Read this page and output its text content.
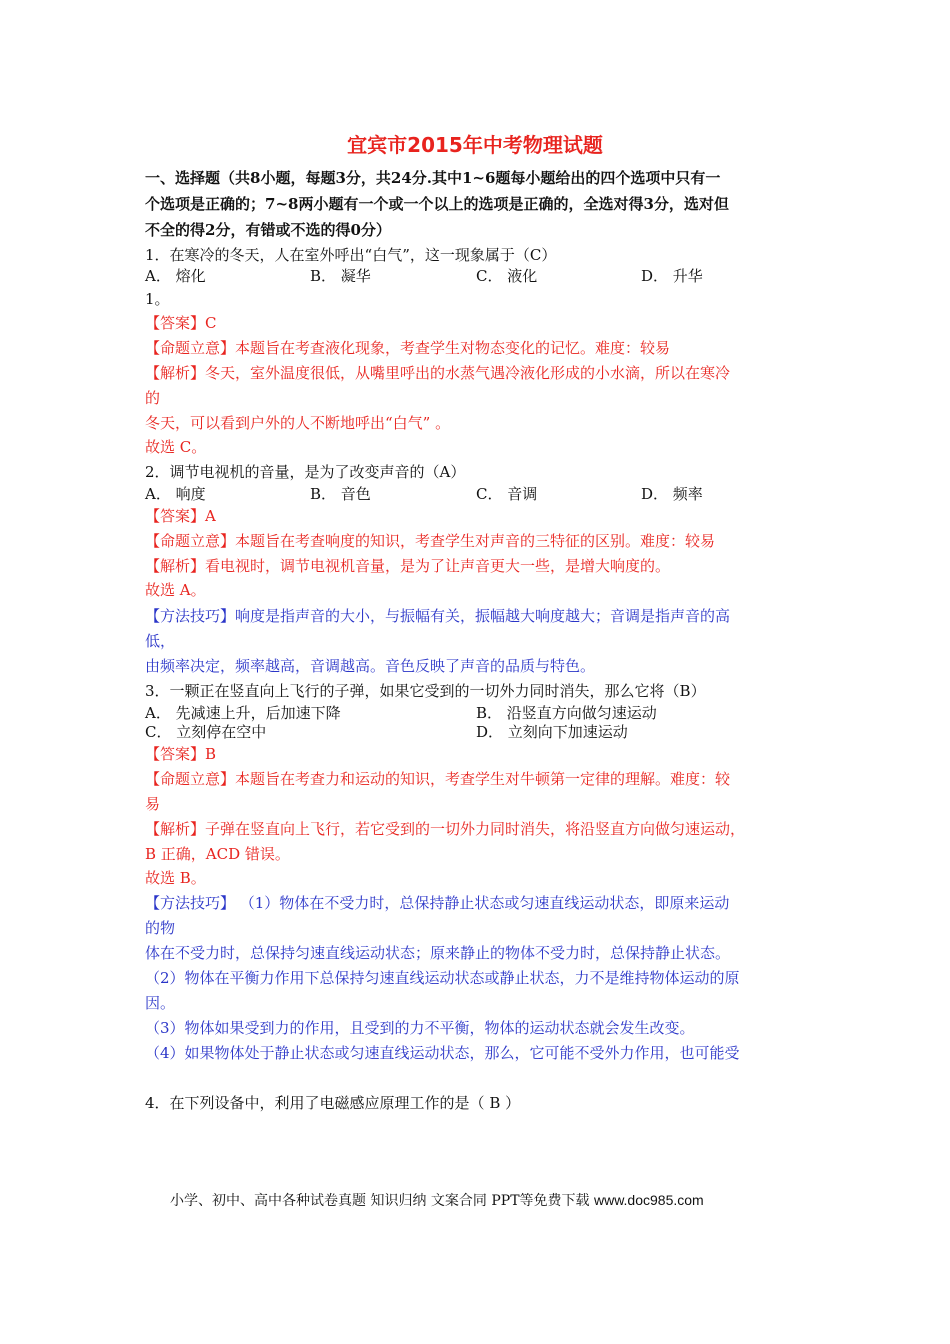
宜宾市2015年中考物理试题
一、选择题（共8小题，每题3分，共24分.其中1~6题每小题给出的四个选项中只有一
个选项是正确的；7~8两小题有一个或一个以上的选项是正确的，全选对得3分，选对但
不全的得2分，有错或不选的得0分）
1．在寒冷的冬天，人在室外呼出“白气”，这一现象属于（C）
A． 熔化	B． 凝华	C． 液化	D． 升华
1。
【答案】C
【命题立意】本题旨在考查液化现象，考查学生对物态变化的记忆。难度：较易
【解析】冬天，室外温度很低，从嘴里呼出的水蒸气遇冷液化形成的小水滴，所以在寒冷
的
冬天，可以看到户外的人不断地呼出“白气” 。
故选 C。
2．调节电视机的音量，是为了改变声音的（A）
A． 响度	B． 音色	C． 音调	D． 频率
【答案】A
【命题立意】本题旨在考查响度的知识，考查学生对声音的三特征的区别。难度：较易
【解析】看电视时，调节电视机音量，是为了让声音更大一些，是增大响度的。
故选 A。
【方法技巧】响度是指声音的大小，与振幅有关，振幅越大响度越大；音调是指声音的高
低，
由频率决定，频率越高，音调越高。音色反映了声音的品质与特色。
3．一颗正在竖直向上飞行的子弹，如果它受到的一切外力同时消失，那么它将（B）
A． 先减速上升，后加速下降	B． 沿竖直方向做匀速运动
C． 立刻停在空中	D． 立刻向下加速运动
【答案】B
【命题立意】本题旨在考查力和运动的知识，考查学生对牛顿第一定律的理解。难度：较
易
【解析】子弹在竖直向上飞行，若它受到的一切外力同时消失，将沿竖直方向做匀速运动，
B 正确，ACD 错误。
故选 B。
【方法技巧】 （1）物体在不受力时，总保持静止状态或匀速直线运动状态，即原来运动
的物
体在不受力时，总保持匀速直线运动状态；原来静止的物体不受力时，总保持静止状态。
（2）物体在平衡力作用下总保持匀速直线运动状态或静止状态，力不是维持物体运动的原
因。
（3）物体如果受到力的作用，且受到的力不平衡，物体的运动状态就会发生改变。
（4）如果物体处于静止状态或匀速直线运动状态，那么，它可能不受外力作用，也可能受
4．在下列设备中，利用了电磁感应原理工作的是（ B ）
小学、初中、高中各种试卷真题 知识归纳 文案合同 PPT等免费下载 www.doc985.com
